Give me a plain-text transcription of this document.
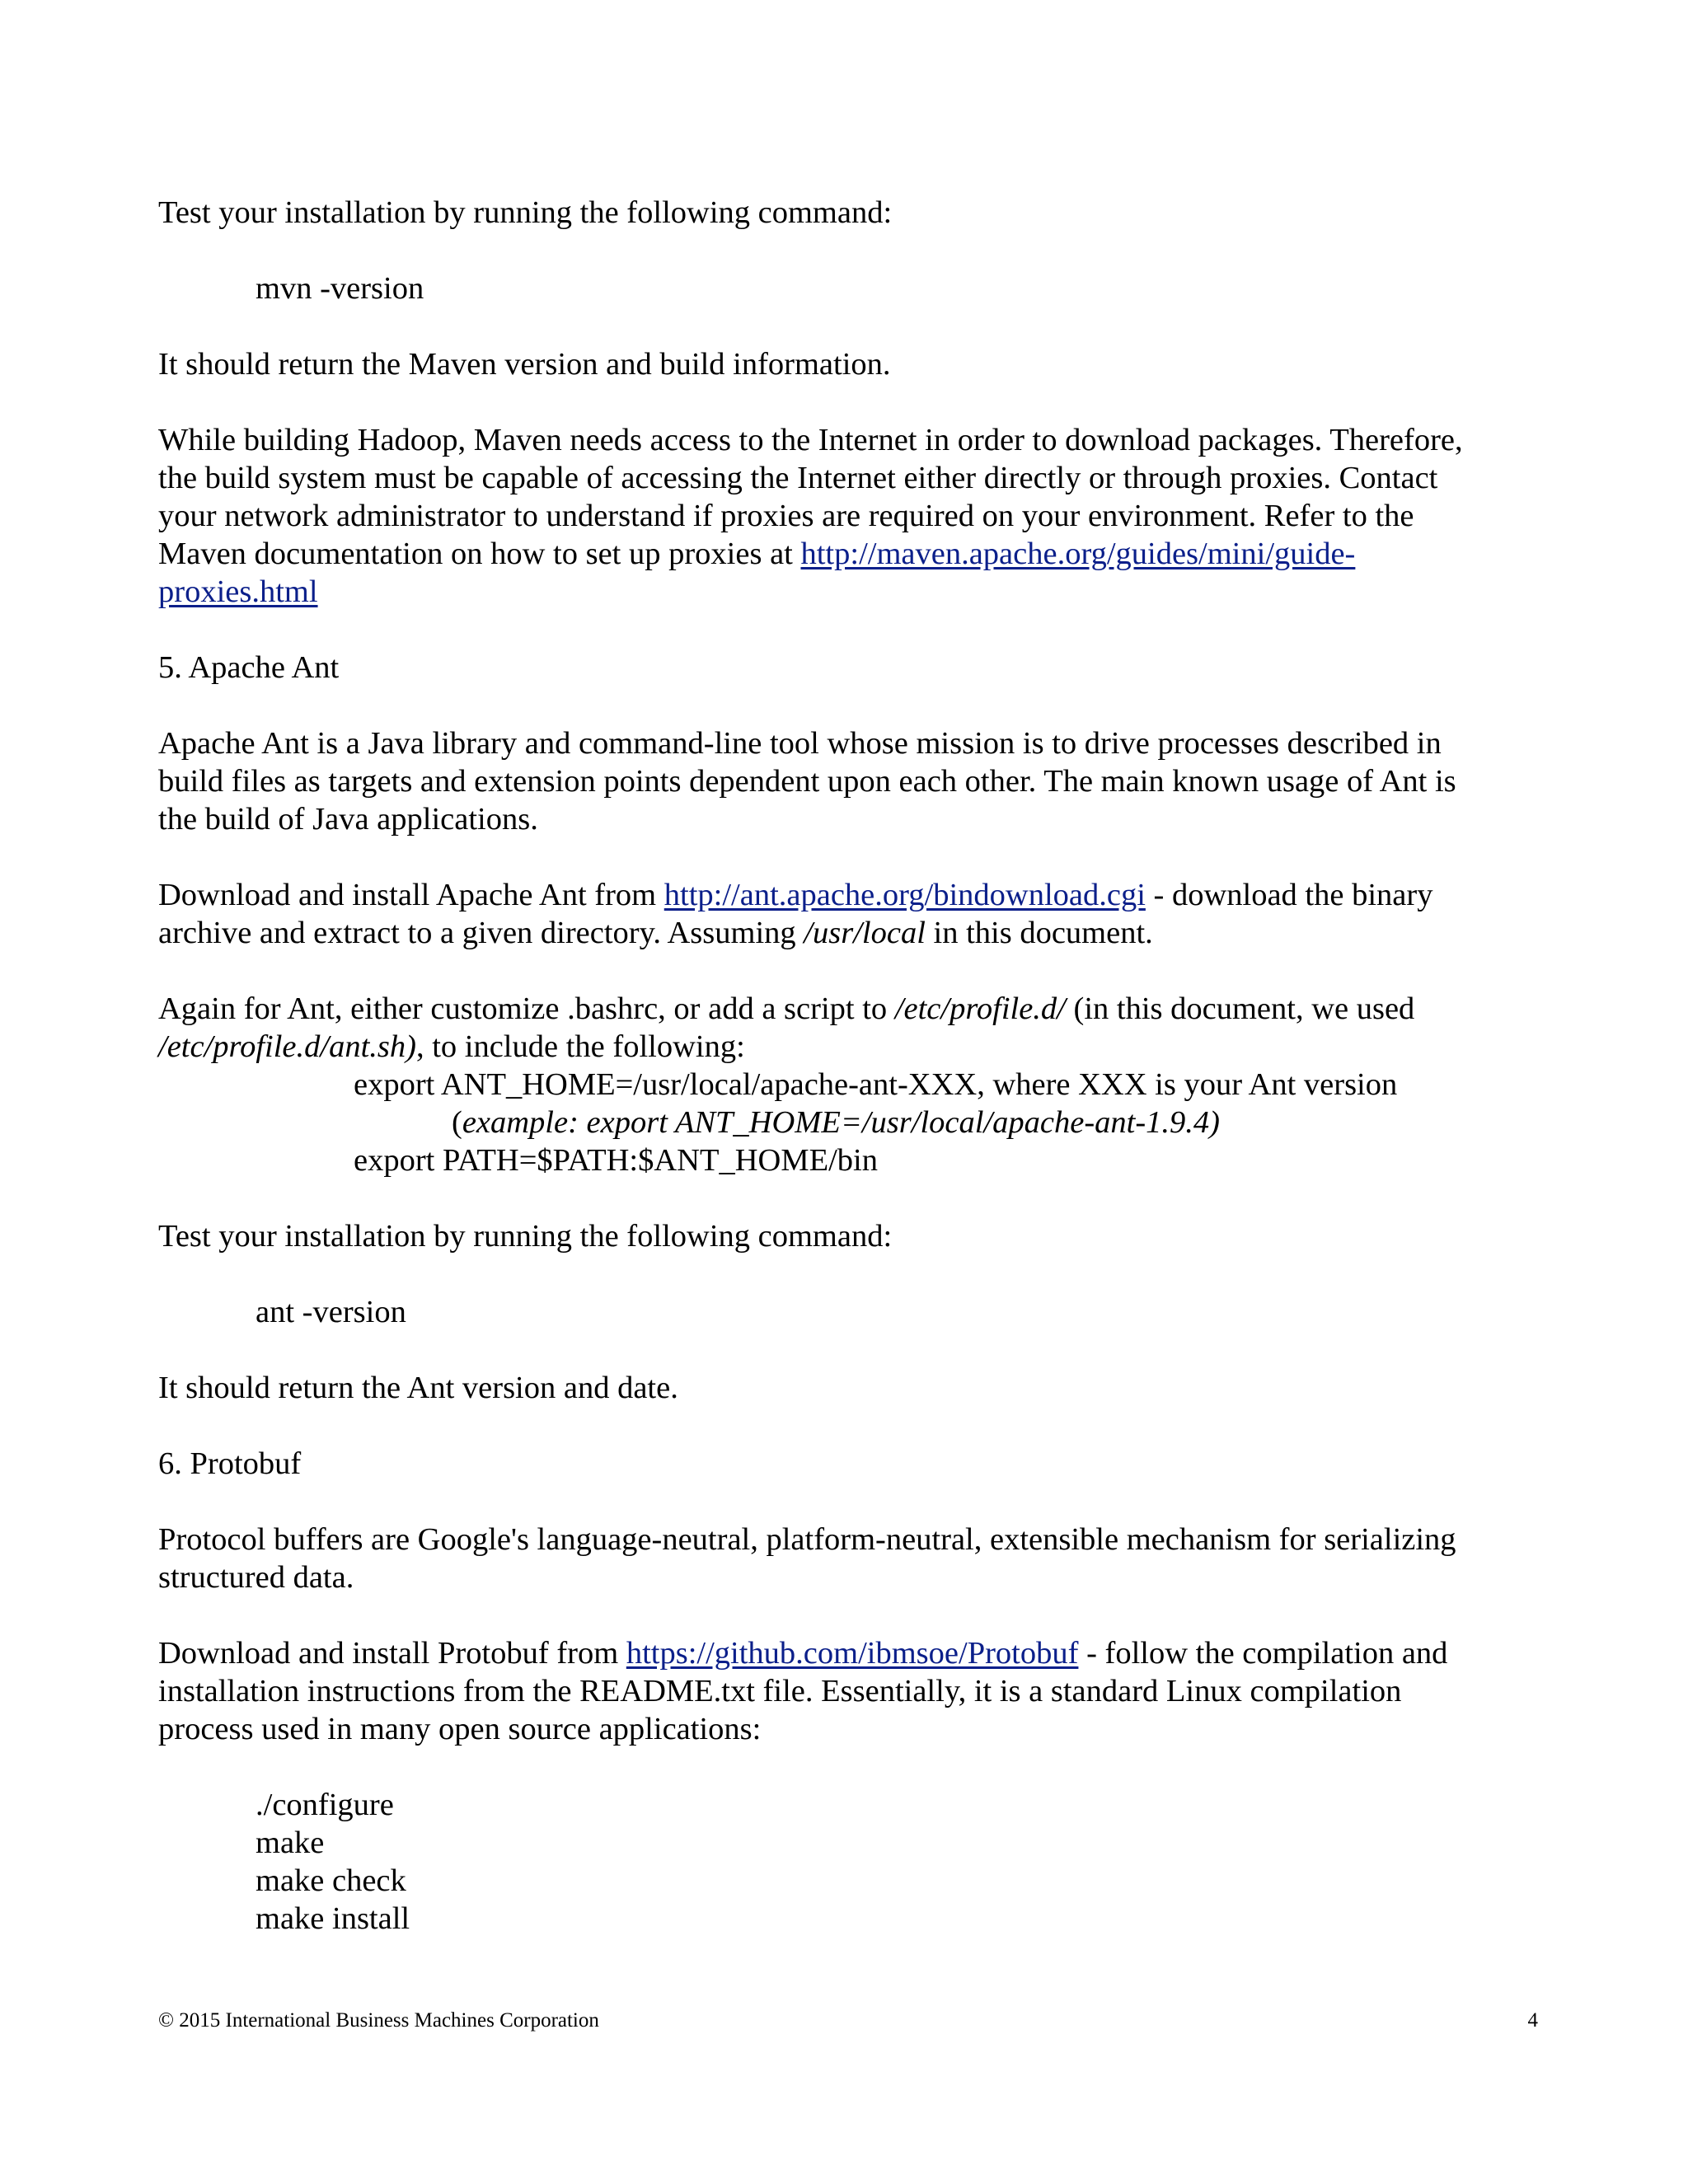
Test your installation by running the following command:

mvn -version

It should return the Maven version and build information.

While building Hadoop, Maven needs access to the Internet in order to download packages. Therefore,

the build system must be capable of accessing the Internet either directly or through proxies. Contact

your network administrator to understand if proxies are required on your environment. Refer to the

Maven documentation on how to set up proxies at http://maven.apache.org/guides/mini/guide-

proxies.html

5. Apache Ant

Apache Ant is a Java library and command-line tool whose mission is to drive processes described in

build files as targets and extension points dependent upon each other. The main known usage of Ant is

the build of Java applications.

Download and install Apache Ant from http://ant.apache.org/bindownload.cgi - download the binary

archive and extract to a given directory. Assuming /usr/local in this document.

Again for Ant, either customize .bashrc, or add a script to /etc/profile.d/ (in this document, we used

/etc/profile.d/ant.sh), to include the following:

export ANT_HOME=/usr/local/apache-ant-XXX, where XXX is your Ant version

(example: export ANT_HOME=/usr/local/apache-ant-1.9.4)

export PATH=$PATH:$ANT_HOME/bin

Test your installation by running the following command:

ant -version

It should return the Ant version and date.

6. Protobuf

Protocol buffers are Google's language-neutral, platform-neutral, extensible mechanism for serializing

structured data.

Download and install Protobuf from https://github.com/ibmsoe/Protobuf - follow the compilation and

installation instructions from the README.txt file. Essentially, it is a standard Linux compilation

process used in many open source applications:

./configure

make

make check

make install

© 2015 International Business Machines Corporation	4
